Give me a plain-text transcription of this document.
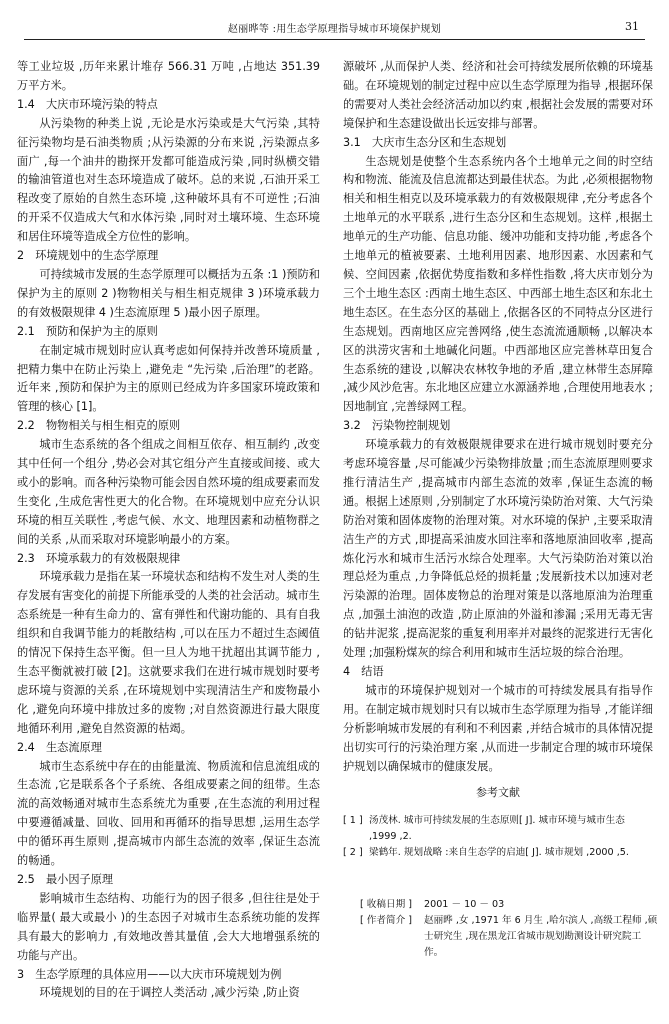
赵丽晔等 :用生态学原理指导城市环境保护规划	31

等工业垃圾 ,历年来累计堆存 566.31 万吨 ,占地达 351.39 万平方米。

1.4　大庆市环境污染的特点

从污染物的种类上说 ,无论是水污染或是大气污染 ,其特征污染物均是石油类物质 ;从污染源的分布来说 ,污染源点多面广 ,每一个油井的勘探开发都可能造成污染 ,同时纵横交错的输油管道也对生态环境造成了破坏。总的来说 ,石油开采工程改变了原始的自然生态环境 ,这种破坏具有不可逆性 ;石油的开采不仅造成大气和水体污染 ,同时对土壤环境、生态环境和居住环境等造成全方位性的影响。

2　环境规划中的生态学原理

可持续城市发展的生态学原理可以概括为五条 :1 )预防和保护为主的原则 2 )物物相关与相生相克规律 3 )环境承载力的有效极限规律 4 )生态流原理 5 )最小因子原理。

2.1　预防和保护为主的原则

在制定城市规划时应认真考虑如何保持并改善环境质量 ,把精力集中在防止污染上 ,避免走 “先污染 ,后治理”的老路。近年来 ,预防和保护为主的原则已经成为许多国家环境政策和管理的核心 [1]。

2.2　物物相关与相生相克的原则

城市生态系统的各个组成之间相互依存、相互制约 ,改变其中任何一个组分 ,势必会对其它组分产生直接或间接、或大或小的影响。而各种污染物可能会因自然环境的组成要素而发生变化 ,生成危害性更大的化合物。在环境规划中应充分认识环境的相互关联性 ,考虑气候、水文、地理因素和动植物群之间的关系 ,从而采取对环境影响最小的方案。

2.3　环境承载力的有效极限规律

环境承载力是指在某一环境状态和结构不发生对人类的生存发展有害变化的前提下所能承受的人类的社会活动。城市生态系统是一种有生命力的、富有弹性和代谢功能的、具有自我组织和自我调节能力的耗散结构 ,可以在压力不超过生态阈值的情况下保持生态平衡。但一旦人为地干扰超出其调节能力 ,生态平衡就被打破 [2]。这就要求我们在进行城市规划时要考虑环境与资源的关系 ,在环境规划中实现清洁生产和废物最小化 ,避免向环境中排放过多的废物 ;对自然资源进行最大限度地循环利用 ,避免自然资源的枯竭。

2.4　生态流原理

城市生态系统中存在的由能量流、物质流和信息流组成的生态流 ,它是联系各个子系统、各组成要素之间的纽带。生态流的高效畅通对城市生态系统尤为重要 ,在生态流的利用过程中要遵循减量、回收、回用和再循环的指导思想 ,运用生态学中的循环再生原则 ,提高城市内部生态流的效率 ,保证生态流的畅通。

2.5　最小因子原理

影响城市生态结构、功能行为的因子很多 ,但往往是处于临界量( 最大或最小 )的生态因子对城市生态系统功能的发挥具有最大的影响力 ,有效地改善其量值 ,会大大地增强系统的功能与产出。

3　生态学原理的具体应用——以大庆市环境规划为例

环境规划的目的在于调控人类活动 ,减少污染 ,防止资

源破坏 ,从而保护人类、经济和社会可持续发展所依赖的环境基础。在环境规划的制定过程中应以生态学原理为指导 ,根据环保的需要对人类社会经济活动加以约束 ,根据社会发展的需要对环境保护和生态建设做出长远安排与部署。

3.1　大庆市生态分区和生态规划

生态规划是使整个生态系统内各个土地单元之间的时空结构和物流、能流及信息流都达到最佳状态。为此 ,必须根据物物相关和相生相克以及环境承载力的有效极限规律 ,充分考虑各个土地单元的水平联系 ,进行生态分区和生态规划。这样 ,根据土地单元的生产功能、信息功能、缓冲功能和支持功能 ,考虑各个土地单元的植被要素、土地利用因素、地形因素、水因素和气候、空间因素 ,依据优势度指数和多样性指数 ,将大庆市划分为三个土地生态区 :西南土地生态区、中西部土地生态区和东北土地生态区。在生态分区的基础上 ,依据各区的不同特点分区进行生态规划。西南地区应完善网络 ,使生态流流通顺畅 ,以解决本区的洪涝灾害和土地碱化问题。中西部地区应完善林草田复合生态系统的建设 ,以解决农林牧争地的矛盾 ,建立林带生态屏障 ,减少风沙危害。东北地区应建立水源涵养地 ,合理使用地表水 ;因地制宜 ,完善绿网工程。

3.2　污染物控制规划

环境承载力的有效极限规律要求在进行城市规划时要充分考虑环境容量 ,尽可能减少污染物排放量 ;而生态流原理则要求推行清洁生产 ,提高城市内部生态流的效率 ,保证生态流的畅通。根据上述原则 ,分别制定了水环境污染防治对策、大气污染防治对策和固体废物的治理对策。对水环境的保护 ,主要采取清洁生产的方式 ,即提高采油废水回注率和落地原油回收率 ,提高炼化污水和城市生活污水综合处理率。大气污染防治对策以治理总烃为重点 ,力争降低总烃的损耗量 ;发展新技术以加速对老污染源的治理。固体废物总的治理对策是以落地原油为治理重点 ,加强土油泡的改造 ,防止原油的外溢和渗漏 ;采用无毒无害的钻井泥浆 ,提高泥浆的重复利用率并对最终的泥浆进行无害化处理 ;加强粉煤灰的综合利用和城市生活垃圾的综合治理。

4　结语

城市的环境保护规划对一个城市的可持续发展具有指导作用。在制定城市规划时只有以城市生态学原理为指导 ,才能详细分析影响城市发展的有利和不利因素 ,并结合城市的具体情况提出切实可行的污染治理方案 ,从而进一步制定合理的城市环境保护规划以确保城市的健康发展。

参考文献
[ 1 ] 汤茂林. 城市可持续发展的生态原则[ J]. 城市环境与城市生态 ,1999 ,2.
[ 2 ] 梁鹤年. 规划战略 :来自生态学的启迪[ J]. 城市规划 ,2000 ,5.
[ 收稿日期 ]	2001 － 10 － 03
[ 作者简介 ]	赵丽晔 ,女 ,1971 年 6 月生 ,哈尔滨人 ,高级工程师 ,硕士研究生 ,现在黑龙江省城市规划勘测设计研究院工作。
